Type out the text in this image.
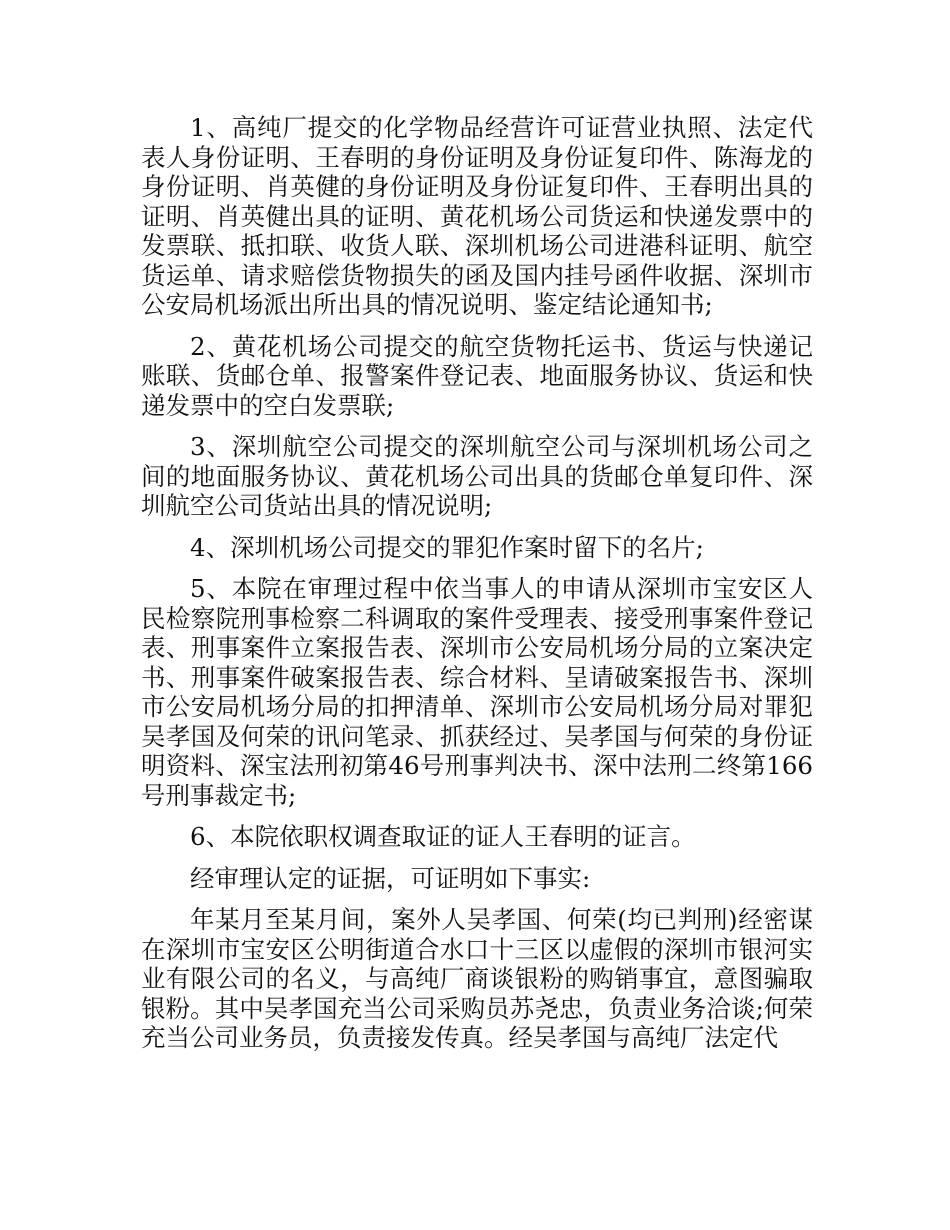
1、高纯厂提交的化学物品经营许可证营业执照、法定代表人身份证明、王春明的身份证明及身份证复印件、陈海龙的身份证明、肖英健的身份证明及身份证复印件、王春明出具的证明、肖英健出具的证明、黄花机场公司货运和快递发票中的发票联、抵扣联、收货人联、深圳机场公司进港科证明、航空货运单、请求赔偿货物损失的函及国内挂号函件收据、深圳市公安局机场派出所出具的情况说明、鉴定结论通知书;

2、黄花机场公司提交的航空货物托运书、货运与快递记账联、货邮仓单、报警案件登记表、地面服务协议、货运和快递发票中的空白发票联;

3、深圳航空公司提交的深圳航空公司与深圳机场公司之间的地面服务协议、黄花机场公司出具的货邮仓单复印件、深圳航空公司货站出具的情况说明;

4、深圳机场公司提交的罪犯作案时留下的名片;

5、本院在审理过程中依当事人的申请从深圳市宝安区人民检察院刑事检察二科调取的案件受理表、接受刑事案件登记表、刑事案件立案报告表、深圳市公安局机场分局的立案决定书、刑事案件破案报告表、综合材料、呈请破案报告书、深圳市公安局机场分局的扣押清单、深圳市公安局机场分局对罪犯吴孝国及何荣的讯问笔录、抓获经过、吴孝国与何荣的身份证明资料、深宝法刑初第46号刑事判决书、深中法刑二终第166号刑事裁定书;

6、本院依职权调查取证的证人王春明的证言。

经审理认定的证据，可证明如下事实:

年某月至某月间，案外人吴孝国、何荣(均已判刑)经密谋在深圳市宝安区公明街道合水口十三区以虚假的深圳市银河实业有限公司的名义，与高纯厂商谈银粉的购销事宜，意图骗取银粉。其中吴孝国充当公司采购员苏尧忠，负责业务洽谈;何荣充当公司业务员，负责接发传真。经吴孝国与高纯厂法定代
